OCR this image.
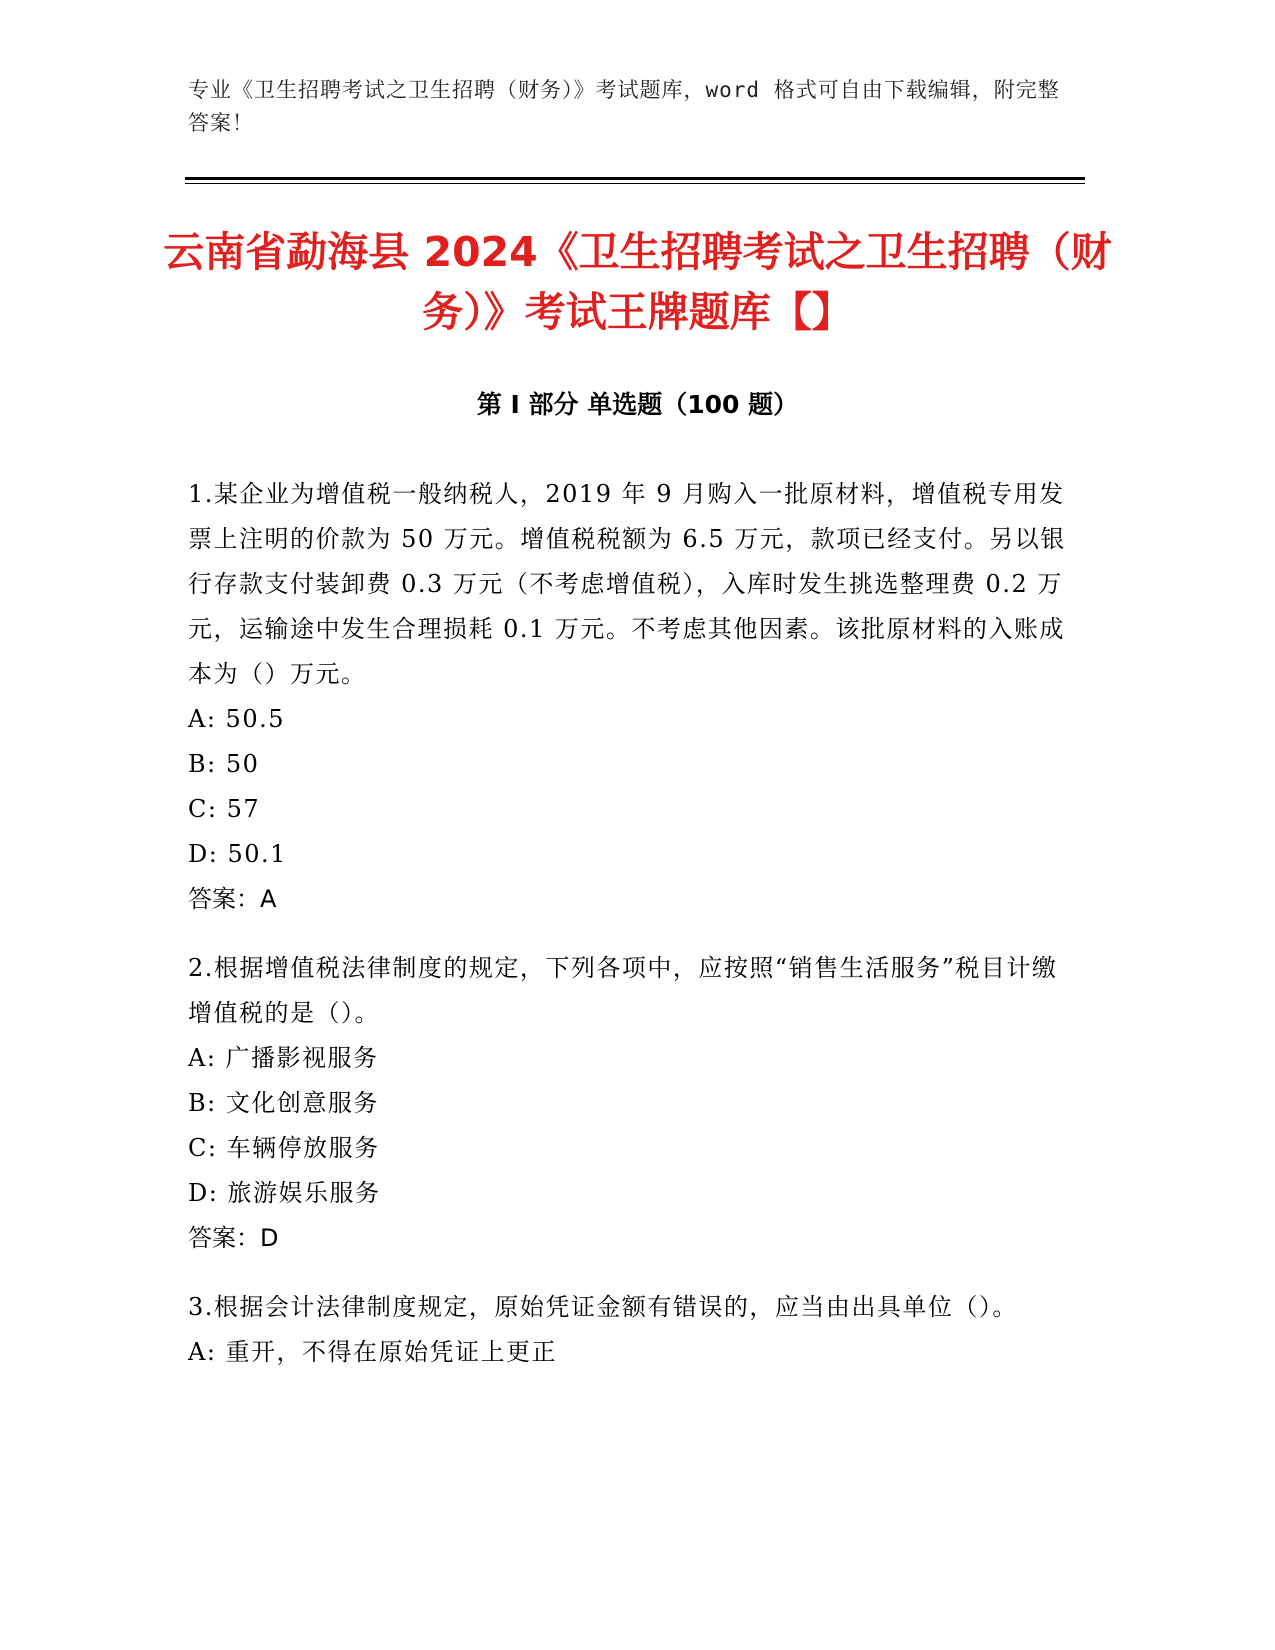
专业《卫生招聘考试之卫生招聘（财务）》考试题库，word 格式可自由下载编辑，附完整答案！
云南省勐海县 2024《卫生招聘考试之卫生招聘（财务）》考试王牌题库【】
第 I 部分 单选题（100 题）
1.某企业为增值税一般纳税人，2019 年 9 月购入一批原材料，增值税专用发票上注明的价款为 50 万元。增值税税额为 6.5 万元，款项已经支付。另以银行存款支付装卸费 0.3 万元（不考虑增值税），入库时发生挑选整理费 0.2 万元，运输途中发生合理损耗 0.1 万元。不考虑其他因素。该批原材料的入账成本为（）万元。
A: 50.5
B: 50
C: 57
D: 50.1
答案：A
2.根据增值税法律制度的规定，下列各项中，应按照“销售生活服务”税目计缴增值税的是（）。
A: 广播影视服务
B: 文化创意服务
C: 车辆停放服务
D: 旅游娱乐服务
答案：D
3.根据会计法律制度规定，原始凭证金额有错误的，应当由出具单位（）。
A: 重开，不得在原始凭证上更正
